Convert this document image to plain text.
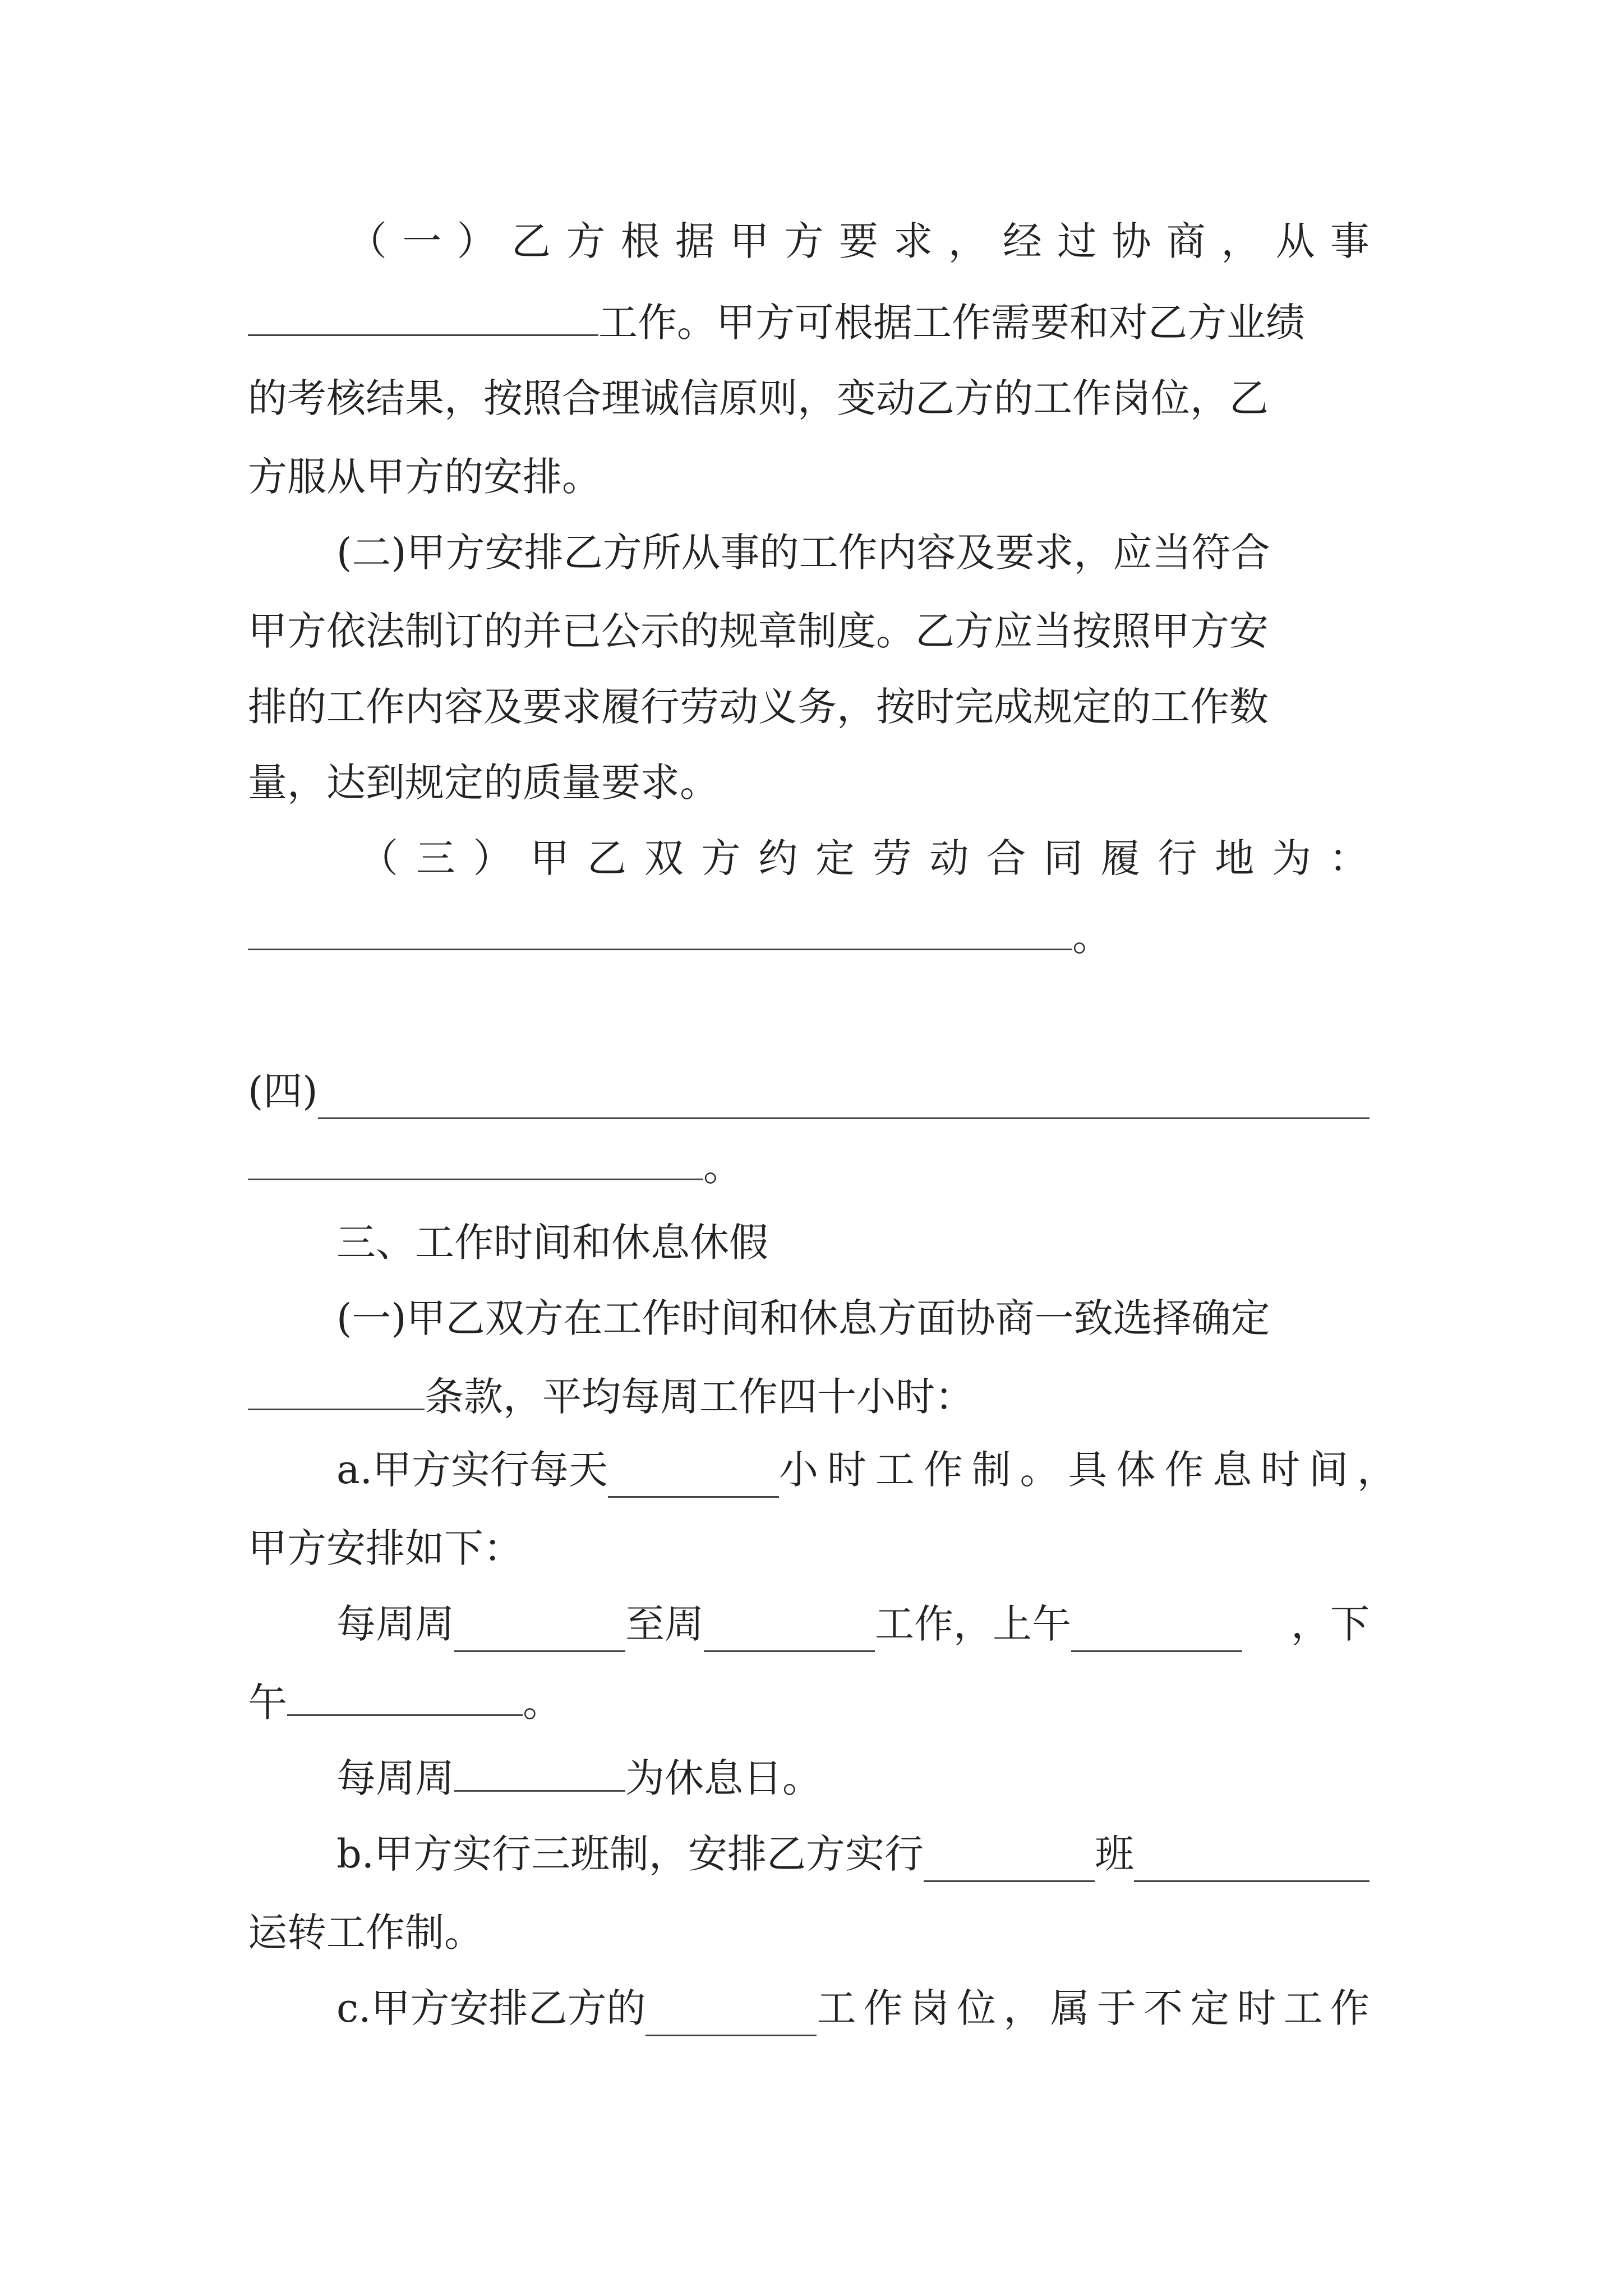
（ 一 ） 乙 方 根 据 甲 方 要 求 ， 经 过 协 商 ， 从 事
工作。甲方可根据工作需要和对乙方业绩
的考核结果，按照合理诚信原则，变动乙方的工作岗位，乙
方服从甲方的安排。
(二)甲方安排乙方所从事的工作内容及要求，应当符合
甲方依法制订的并已公示的规章制度。乙方应当按照甲方安
排的工作内容及要求履行劳动义务，按时完成规定的工作数
量，达到规定的质量要求。
（ 三 ） 甲 乙 双 方 约 定 劳 动 合 同 履 行 地 为 ：
。
(四)
。
三、工作时间和休息休假
(一)甲乙双方在工作时间和休息方面协商一致选择确定
条款，平均每周工作四十小时：
a.甲方实行每天	小 时 工 作 制 。 具 体 作 息 时 间 ，
甲方安排如下：
每周周	至周	工作，上午	，下
午	。
每周周	为休息日。
b.甲方实行三班制，安排乙方实行	班
运转工作制。
c.甲方安排乙方的	工 作 岗 位 ， 属 于 不 定 时 工 作
